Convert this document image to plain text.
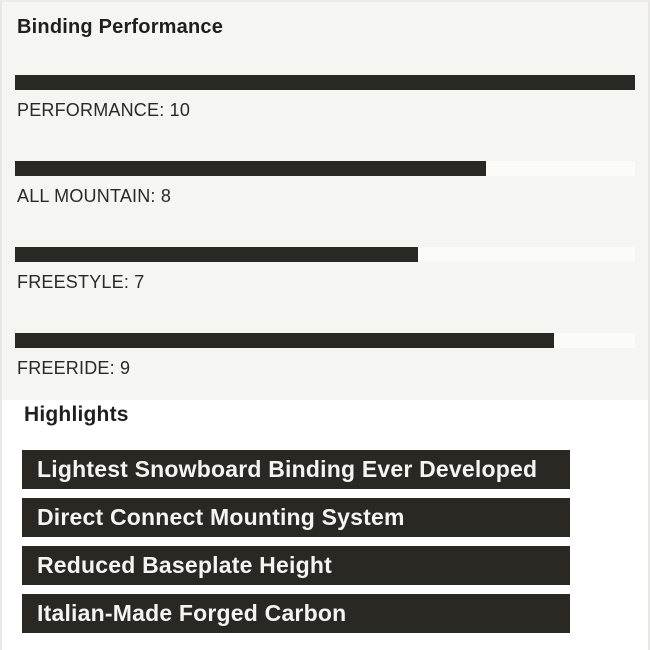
Binding Performance
PERFORMANCE: 10
ALL MOUNTAIN: 8
FREESTYLE: 7
FREERIDE: 9
Highlights
Lightest Snowboard Binding Ever Developed
Direct Connect Mounting System
Reduced Baseplate Height
Italian-Made Forged Carbon
